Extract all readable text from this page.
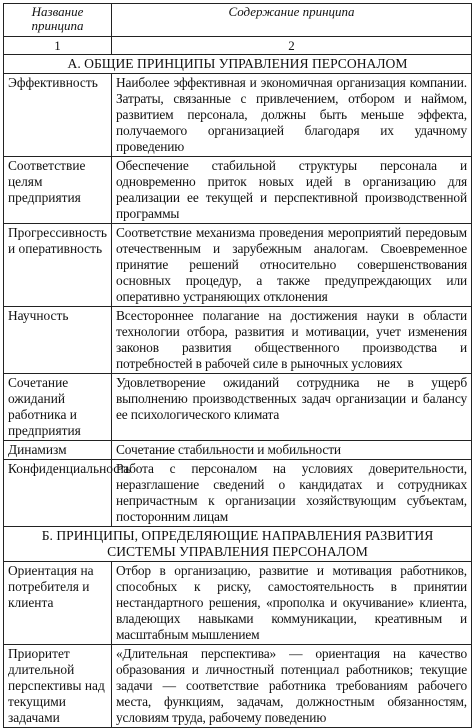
Название принципа	Содержание принципа
1	2
А. ОБЩИЕ ПРИНЦИПЫ УПРАВЛЕНИЯ ПЕРСОНАЛОМ	
Эффективность	Наиболее эффективная и экономичная организация компании. Затраты, связанные с привлечением, отбором и наймом, развитием персонала, должны быть меньше эффекта, получаемого организацией благодаря их удачному проведению
Соответствие целям предприятия	Обеспечение стабильной структуры персонала и одновременно приток новых идей в организацию для реализации ее текущей и перспективной производственной программы
Прогрессивность и оперативность	Соответствие механизма проведения мероприятий передовым отечественным и зарубежным аналогам. Своевременное принятие решений относительно совершенствования основных процедур, а также предупреждающих или оперативно устраняющих отклонения
Научность	Всестороннее полагание на достижения науки в области технологии отбора, развития и мотивации, учет изменения законов развития общественного производства и потребностей в рабочей силе в рыночных условиях
Сочетание ожиданий работника и предприятия	Удовлетворение ожиданий сотрудника не в ущерб выполнению производственных задач организации и балансу ее психологического климата
Динамизм	Сочетание стабильности и мобильности
Конфиденциальность	Работа с персоналом на условиях доверительности, неразглашение сведений о кандидатах и сотрудниках непричастным к организации хозяйствующим субъектам, посторонним лицам
Б. ПРИНЦИПЫ, ОПРЕДЕЛЯЮЩИЕ НАПРАВЛЕНИЯ РАЗВИТИЯ СИСТЕМЫ УПРАВЛЕНИЯ ПЕРСОНАЛОМ	
Ориентация на потребителя и клиента	Отбор в организацию, развитие и мотивация работников, способных к риску, самостоятельность в принятии нестандартного решения, «прополка и окучивание» клиента, владеющих навыками коммуникации, креативным и масштабным мышлением
Приоритет длительной перспективы над текущими задачами	«Длительная перспектива» — ориентация на качество образования и личностный потенциал работников; текущие задачи — соответствие работника требованиям рабочего места, функциям, задачам, должностным обязанностям, условиям труда, рабочему поведению
